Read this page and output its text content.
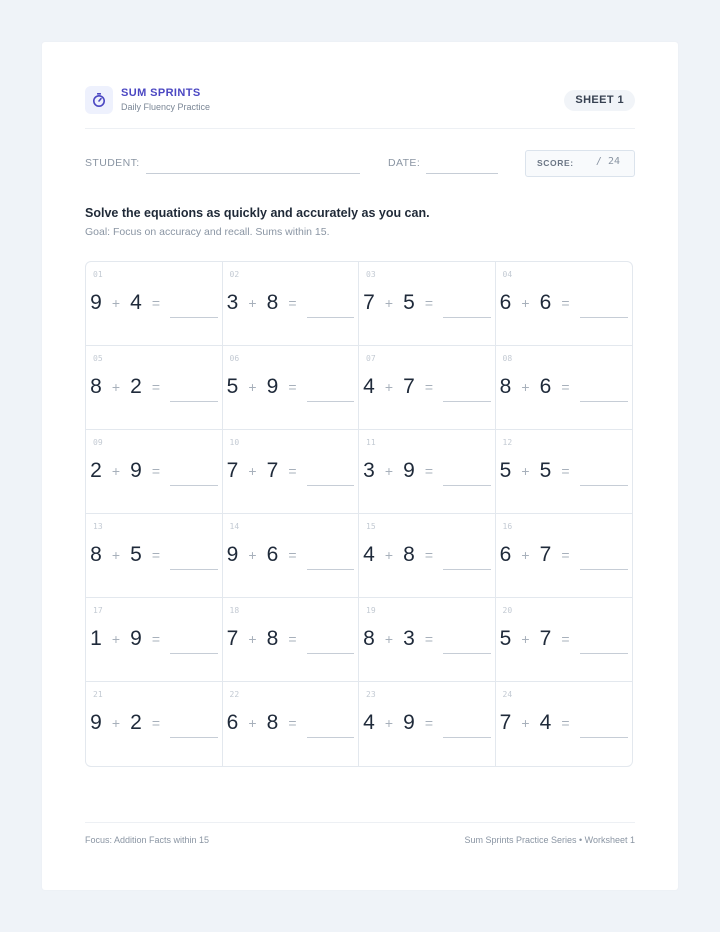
SUM SPRINTS
Daily Fluency Practice
SHEET 1
STUDENT:	DATE:	SCORE: / 24
Solve the equations as quickly and accurately as you can.
Goal: Focus on accuracy and recall. Sums within 15.
01
9 + 4 =
02
3 + 8 =
03
7 + 5 =
04
6 + 6 =
05
8 + 2 =
06
5 + 9 =
07
4 + 7 =
08
8 + 6 =
09
2 + 9 =
10
7 + 7 =
11
3 + 9 =
12
5 + 5 =
13
8 + 5 =
14
9 + 6 =
15
4 + 8 =
16
6 + 7 =
17
1 + 9 =
18
7 + 8 =
19
8 + 3 =
20
5 + 7 =
21
9 + 2 =
22
6 + 8 =
23
4 + 9 =
24
7 + 4 =
Focus: Addition Facts within 15	Sum Sprints Practice Series • Worksheet 1
